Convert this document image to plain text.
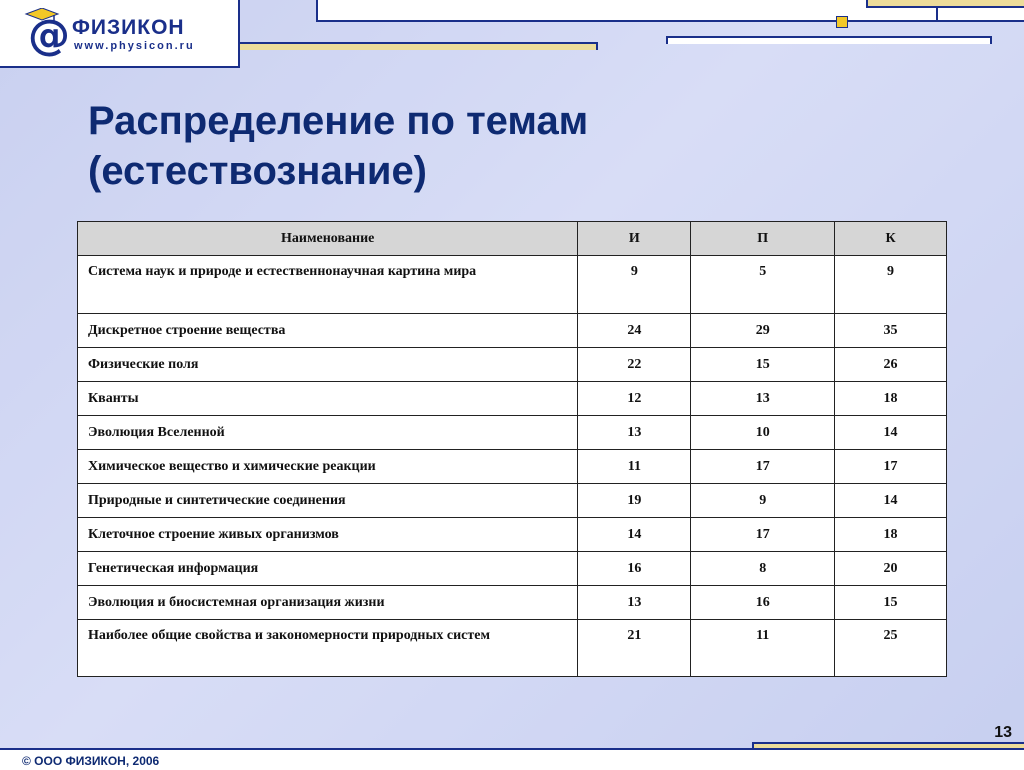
@ ФИЗИКОН
www.physicon.ru
Распределение по темам (естествознание)
Наименование	И	П	К
Система наук и природе и естественнонаучная картина мира	9	5	9
Дискретное строение вещества	24	29	35
Физические поля	22	15	26
Кванты	12	13	18
Эволюция Вселенной	13	10	14
Химическое вещество и химические реакции	11	17	17
Природные и синтетические соединения	19	9	14
Клеточное строение живых организмов	14	17	18
Генетическая информация	16	8	20
Эволюция и биосистемная организация жизни	13	16	15
Наиболее общие свойства и закономерности природных систем	21	11	25
13
© ООО ФИЗИКОН, 2006
